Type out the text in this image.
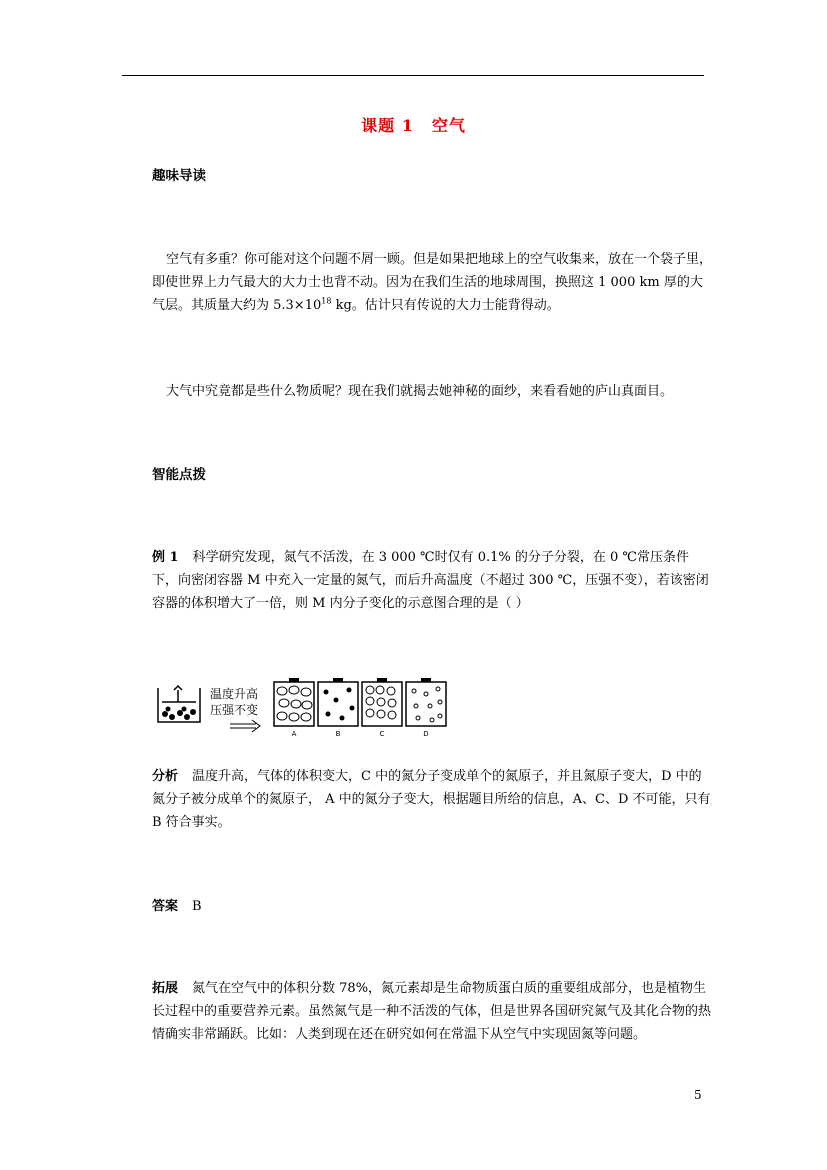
课题 1 空气
趣味导读
空气有多重？你可能对这个问题不屑一顾。但是如果把地球上的空气收集来，放在一个袋子里，即使世界上力气最大的大力士也背不动。因为在我们生活的地球周围，换照这 1 000 km 厚的大气层。其质量大约为 $5.3\times 10^{18}$ kg。估计只有传说的大力士能背得动。
大气中究竟都是些什么物质呢？现在我们就揭去她神秘的面纱，来看看她的庐山真面目。
智能点拨
例 1 科学研究发现，氮气不活泼，在 3 000 ℃时仅有 0.1% 的分子分裂，在 0 ℃常压条件下，向密闭容器 M 中充入一定量的氮气，而后升高温度（不超过 300 ℃，压强不变），若该密闭容器的体积增大了一倍，则 M 内分子变化的示意图合理的是（ ）
温度升高
压强不变
A	B	C	D
分析 温度升高，气体的体积变大，C 中的氮分子变成单个的氮原子，并且氮原子变大，D 中的氮分子被分成单个的氮原子， A 中的氮分子变大，根据题目所给的信息，A、C、D 不可能，只有 B 符合事实。
答案 B
拓展 氮气在空气中的体积分数 78%，氮元素却是生命物质蛋白质的重要组成部分，也是植物生长过程中的重要营养元素。虽然氮气是一种不活泼的气体，但是世界各国研究氮气及其化合物的热情确实非常踊跃。比如：人类到现在还在研究如何在常温下从空气中实现固氮等问题。
5
